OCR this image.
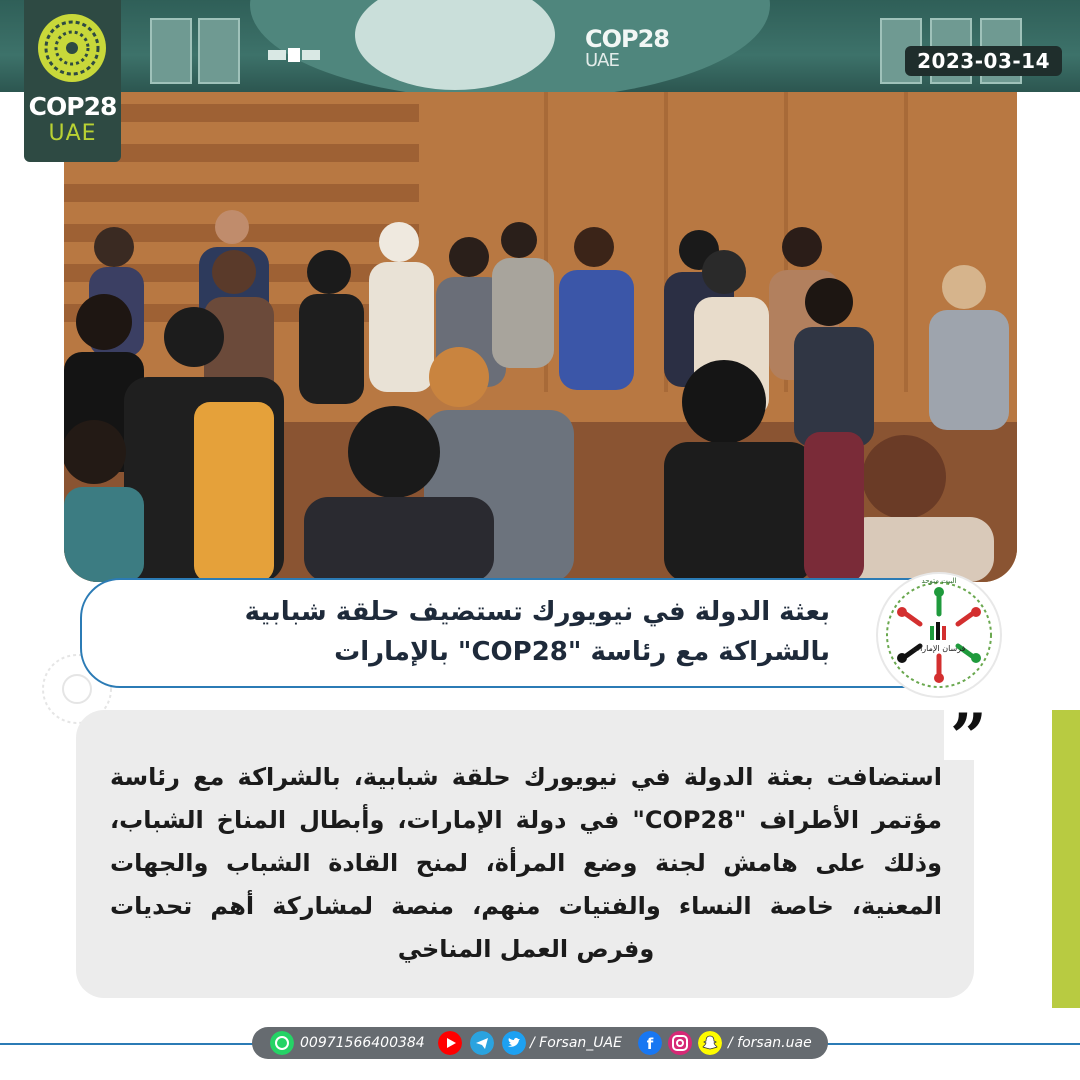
COP28
UAE	2023-03-14
COP28
UAE
بعثة الدولة في نيويورك تستضيف حلقة شبابية
بالشراكة مع رئاسة "COP28" بالإمارات	فرسان الإمارات
البيت متوحد
”
استضافت بعثة الدولة في نيويورك حلقة شبابية، بالشراكة مع رئاسة مؤتمر الأطراف "COP28" في دولة الإمارات، وأبطال المناخ الشباب، وذلك على هامش لجنة وضع المرأة، لمنح القادة الشباب والجهات المعنية، خاصة النساء والفتيات منهم، منصة لمشاركة أهم تحديات وفرص العمل المناخي
00971566400384	/ Forsan_UAE f	/ forsan.uae
